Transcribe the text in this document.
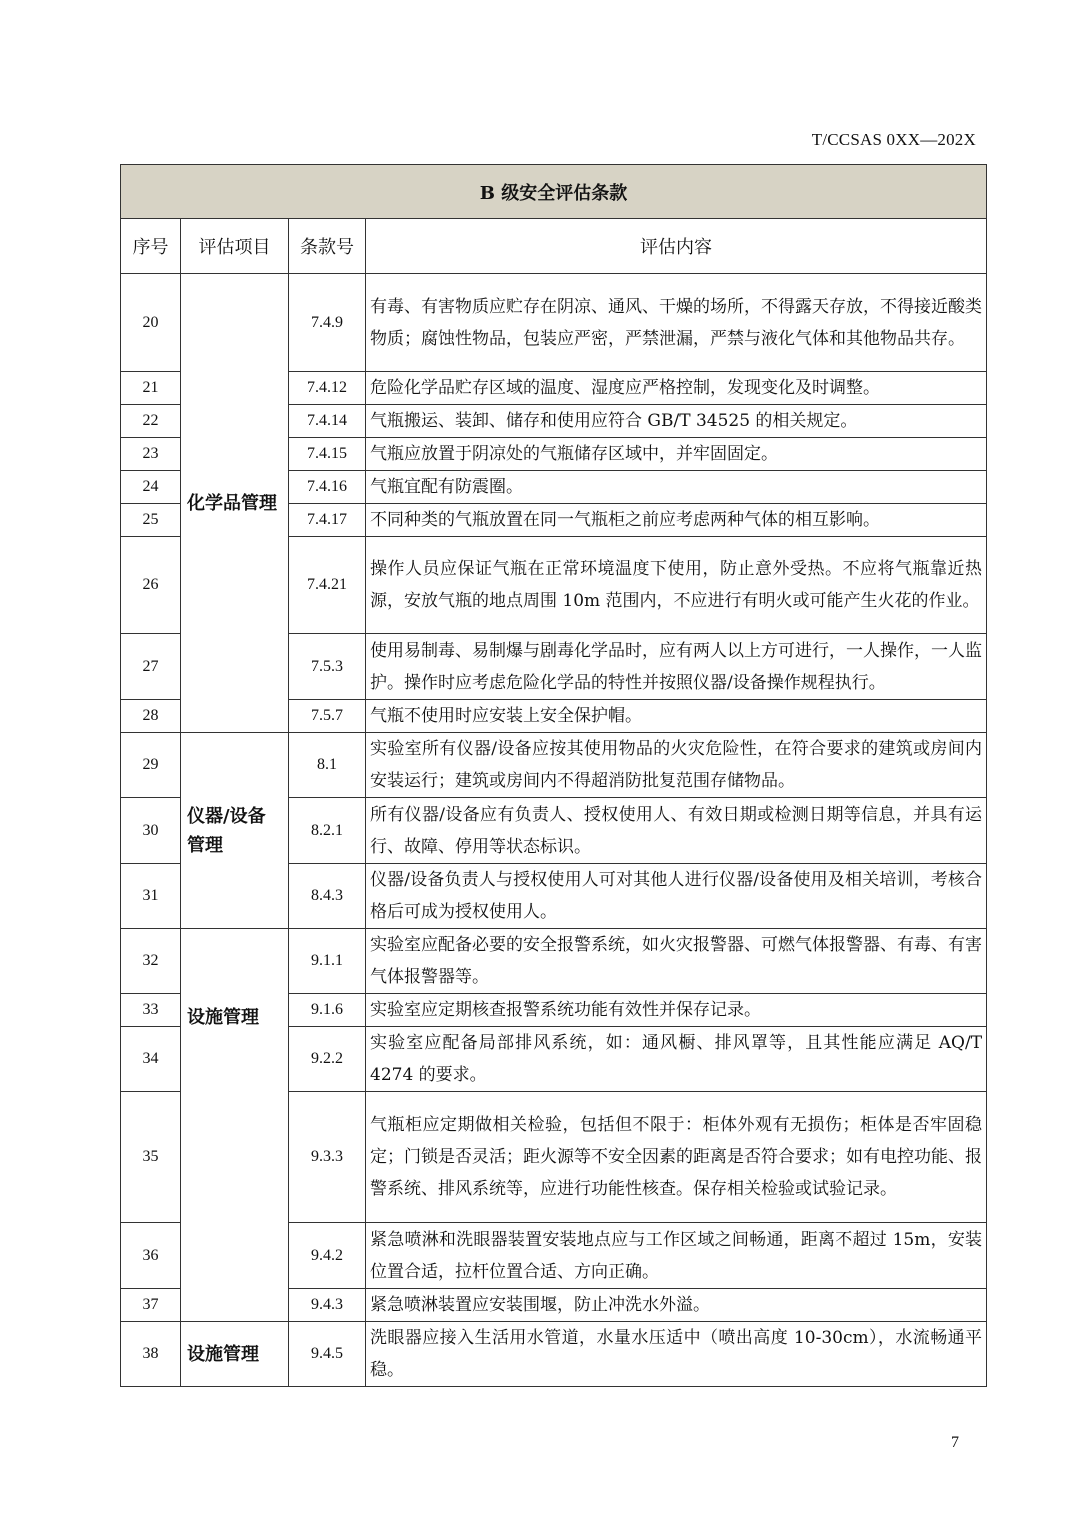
T/CCSAS 0XX—202X
B 级安全评估条款			
序号	评估项目	条款号	评估内容
20	化学品管理	7.4.9	有毒、有害物质应贮存在阴凉、通风、干燥的场所，不得露天存放，不得接近酸类物质；腐蚀性物品，包装应严密，严禁泄漏，严禁与液化气体和其他物品共存。
21		7.4.12	危险化学品贮存区域的温度、湿度应严格控制，发现变化及时调整。
22		7.4.14	气瓶搬运、装卸、储存和使用应符合 GB/T 34525 的相关规定。
23		7.4.15	气瓶应放置于阴凉处的气瓶储存区域中，并牢固固定。
24		7.4.16	气瓶宜配有防震圈。
25		7.4.17	不同种类的气瓶放置在同一气瓶柜之前应考虑两种气体的相互影响。
26		7.4.21	操作人员应保证气瓶在正常环境温度下使用，防止意外受热。不应将气瓶靠近热源，安放气瓶的地点周围 10m 范围内，不应进行有明火或可能产生火花的作业。
27		7.5.3	使用易制毒、易制爆与剧毒化学品时，应有两人以上方可进行，一人操作，一人监护。操作时应考虑危险化学品的特性并按照仪器/设备操作规程执行。
28		7.5.7	气瓶不使用时应安装上安全保护帽。
29	仪器/设备管理	8.1	实验室所有仪器/设备应按其使用物品的火灾危险性，在符合要求的建筑或房间内安装运行；建筑或房间内不得超消防批复范围存储物品。
30		8.2.1	所有仪器/设备应有负责人、授权使用人、有效日期或检测日期等信息，并具有运行、故障、停用等状态标识。
31		8.4.3	仪器/设备负责人与授权使用人可对其他人进行仪器/设备使用及相关培训，考核合格后可成为授权使用人。
32	设施管理	9.1.1	实验室应配备必要的安全报警系统，如火灾报警器、可燃气体报警器、有毒、有害气体报警器等。
33		9.1.6	实验室应定期核查报警系统功能有效性并保存记录。
34		9.2.2	实验室应配备局部排风系统，如：通风橱、排风罩等，且其性能应满足 AQ/T 4274 的要求。
35		9.3.3	气瓶柜应定期做相关检验，包括但不限于：柜体外观有无损伤；柜体是否牢固稳定；门锁是否灵活；距火源等不安全因素的距离是否符合要求；如有电控功能、报警系统、排风系统等，应进行功能性核查。保存相关检验或试验记录。
36		9.4.2	紧急喷淋和洗眼器装置安装地点应与工作区域之间畅通，距离不超过 15m，安装位置合适，拉杆位置合适、方向正确。
37		9.4.3	紧急喷淋装置应安装围堰，防止冲洗水外溢。
38	设施管理	9.4.5	洗眼器应接入生活用水管道，水量水压适中（喷出高度 10-30cm），水流畅通平稳。
7
